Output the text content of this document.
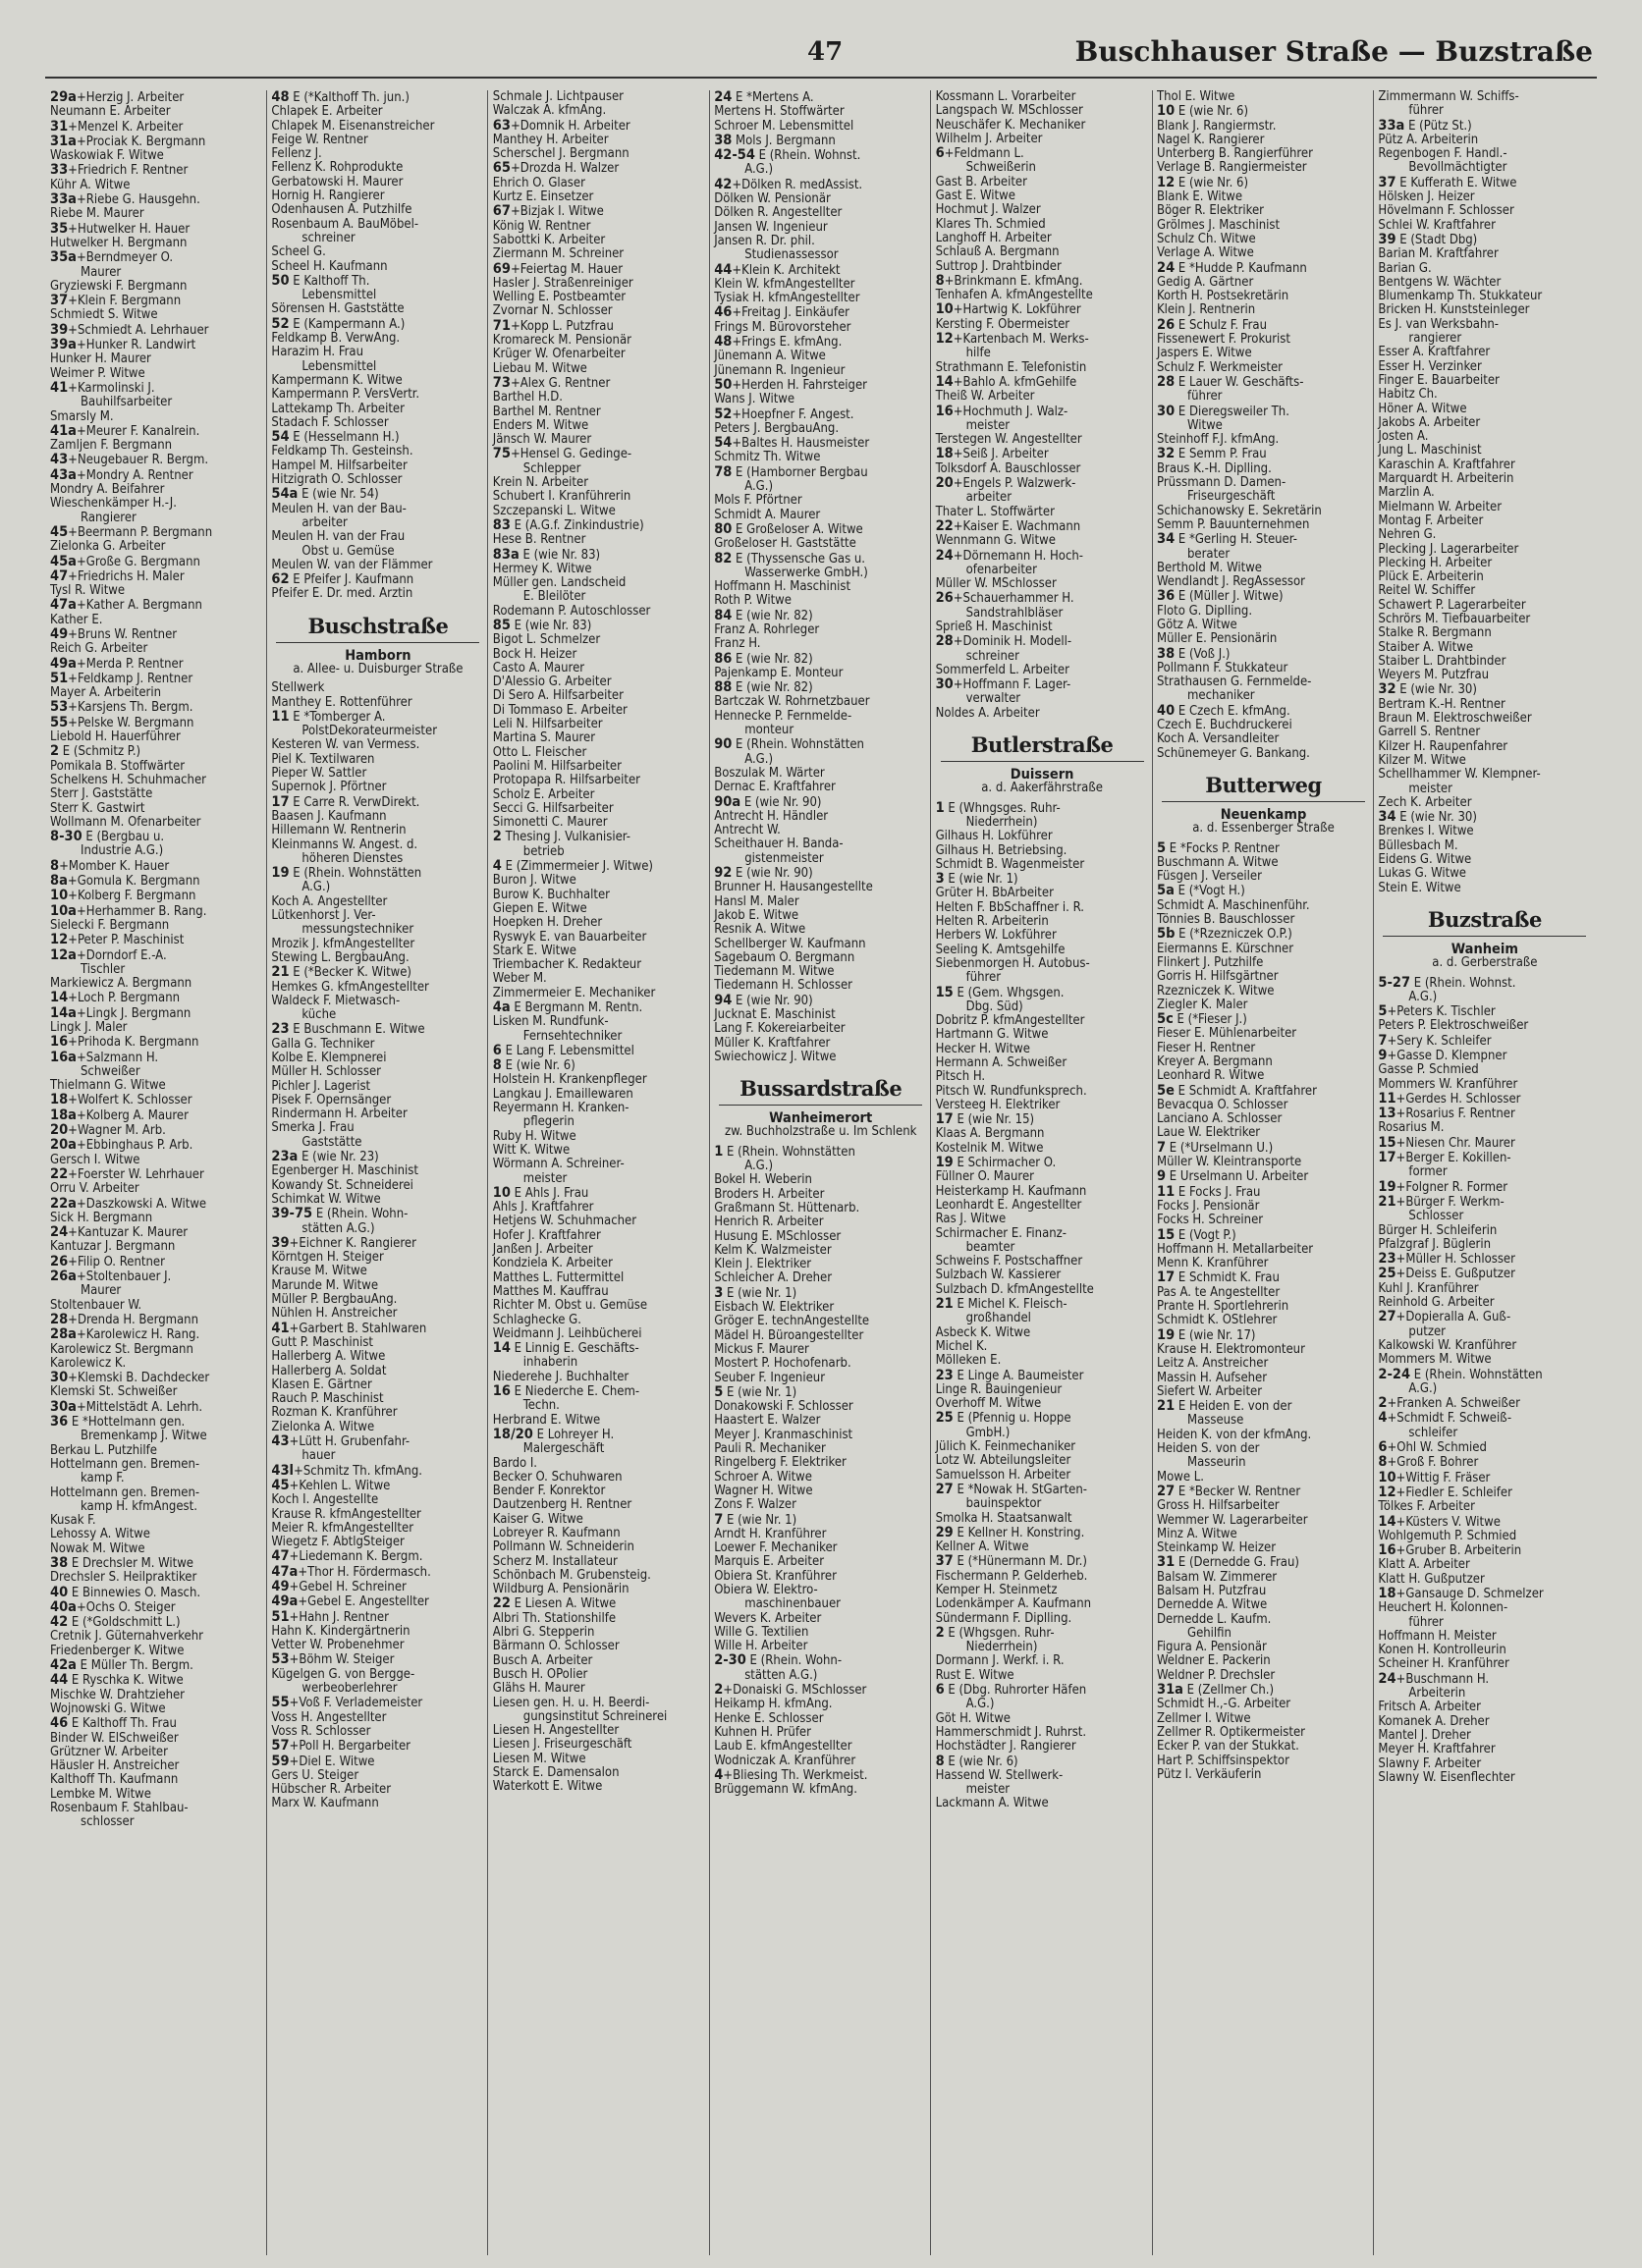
47	Buschhauser Straße — Buzstraße
29a+Herzig J. Arbeiter
Neumann E. Arbeiter
31+Menzel K. Arbeiter
31a+Prociak K. Bergmann
Waskowiak F. Witwe
33+Friedrich F. Rentner
Kühr A. Witwe
33a+Riebe G. Hausgehn.
Riebe M. Maurer
35+Hutwelker H. Hauer
Hutwelker H. Bergmann
35a+Berndmeyer O.
Maurer
Gryziewski F. Bergmann
37+Klein F. Bergmann
Schmiedt S. Witwe
39+Schmiedt A. Lehrhauer
39a+Hunker R. Landwirt
Hunker H. Maurer
Weimer P. Witwe
41+Karmolinski J.
Bauhilfsarbeiter
Smarsly M.
41a+Meurer F. Kanalrein.
Zamljen F. Bergmann
43+Neugebauer R. Bergm.
43a+Mondry A. Rentner
Mondry A. Beifahrer
Wieschenkämper H.-J.
Rangierer
45+Beermann P. Bergmann
Zielonka G. Arbeiter
45a+Große G. Bergmann
47+Friedrichs H. Maler
Tysl R. Witwe
47a+Kather A. Bergmann
Kather E.
49+Bruns W. Rentner
Reich G. Arbeiter
49a+Merda P. Rentner
51+Feldkamp J. Rentner
Mayer A. Arbeiterin
53+Karsjens Th. Bergm.
55+Pelske W. Bergmann
Liebold H. Hauerführer
2 E (Schmitz P.)
Pomikala B. Stoffwärter
Schelkens H. Schuhmacher
Sterr J. Gaststätte
Sterr K. Gastwirt
Wollmann M. Ofenarbeiter
8-30 E (Bergbau u.
Industrie A.G.)
8+Momber K. Hauer
8a+Gomula K. Bergmann
10+Kolberg F. Bergmann
10a+Herhammer B. Rang.
Sielecki F. Bergmann
12+Peter P. Maschinist
12a+Dorndorf E.-A.
Tischler
Markiewicz A. Bergmann
14+Loch P. Bergmann
14a+Lingk J. Bergmann
Lingk J. Maler
16+Prihoda K. Bergmann
16a+Salzmann H.
Schweißer
Thielmann G. Witwe
18+Wolfert K. Schlosser
18a+Kolberg A. Maurer
20+Wagner M. Arb.
20a+Ebbinghaus P. Arb.
Gersch I. Witwe
22+Foerster W. Lehrhauer
Orru V. Arbeiter
22a+Daszkowski A. Witwe
Sick H. Bergmann
24+Kantuzar K. Maurer
Kantuzar J. Bergmann
26+Filip O. Rentner
26a+Stoltenbauer J.
Maurer
Stoltenbauer W.
28+Drenda H. Bergmann
28a+Karolewicz H. Rang.
Karolewicz St. Bergmann
Karolewicz K.
30+Klemski B. Dachdecker
Klemski St. Schweißer
30a+Mittelstädt A. Lehrh.
36 E *Hottelmann gen.
Bremenkamp J. Witwe
Berkau L. Putzhilfe
Hottelmann gen. Bremen-
kamp F.
Hottelmann gen. Bremen-
kamp H. kfmAngest.
Kusak F.
Lehossy A. Witwe
Nowak M. Witwe
38 E Drechsler M. Witwe
Drechsler S. Heilpraktiker
40 E Binnewies O. Masch.
40a+Ochs O. Steiger
42 E (*Goldschmitt L.)
Cretnik J. Güternahverkehr
Friedenberger K. Witwe
42a E Müller Th. Bergm.
44 E Ryschka K. Witwe
Mischke W. Drahtzieher
Wojnowski G. Witwe
46 E Kalthoff Th. Frau
Binder W. ElSchweißer
Grützner W. Arbeiter
Häusler H. Anstreicher
Kalthoff Th. Kaufmann
Lembke M. Witwe
Rosenbaum F. Stahlbau-
schlosser
48 E (*Kalthoff Th. jun.)
Chlapek E. Arbeiter
Chlapek M. Eisenanstreicher
Feige W. Rentner
Fellenz J.
Fellenz K. Rohprodukte
Gerbatowski H. Maurer
Hornig H. Rangierer
Odenhausen A. Putzhilfe
Rosenbaum A. BauMöbel-
schreiner
Scheel G.
Scheel H. Kaufmann
50 E Kalthoff Th.
Lebensmittel
Sörensen H. Gaststätte
52 E (Kampermann A.)
Feldkamp B. VerwAng.
Harazim H. Frau
Lebensmittel
Kampermann K. Witwe
Kampermann P. VersVertr.
Lattekamp Th. Arbeiter
Stadach F. Schlosser
54 E (Hesselmann H.)
Feldkamp Th. Gesteinsh.
Hampel M. Hilfsarbeiter
Hitzigrath O. Schlosser
54a E (wie Nr. 54)
Meulen H. van der Bau-
arbeiter
Meulen H. van der Frau
Obst u. Gemüse
Meulen W. van der Flämmer
62 E Pfeifer J. Kaufmann
Pfeifer E. Dr. med. Ärztin
Buschstraße
Hamborn
a. Allee- u. Duisburger Straße
Stellwerk
Manthey E. Rottenführer
11 E *Tomberger A.
PolstDekorateurmeister
Kesteren W. van Vermess.
Piel K. Textilwaren
Pieper W. Sattler
Supernok J. Pförtner
17 E Carre R. VerwDirekt.
Baasen J. Kaufmann
Hillemann W. Rentnerin
Kleinmanns W. Angest. d.
höheren Dienstes
19 E (Rhein. Wohnstätten
A.G.)
Koch A. Angestellter
Lütkenhorst J. Ver-
messungstechniker
Mrozik J. kfmAngestellter
Stewing L. BergbauAng.
21 E (*Becker K. Witwe)
Hemkes G. kfmAngestellter
Waldeck F. Mietwasch-
küche
23 E Buschmann E. Witwe
Galla G. Techniker
Kolbe E. Klempnerei
Müller H. Schlosser
Pichler J. Lagerist
Pisek F. Opernsänger
Rindermann H. Arbeiter
Smerka J. Frau
Gaststätte
23a E (wie Nr. 23)
Egenberger H. Maschinist
Kowandy St. Schneiderei
Schimkat W. Witwe
39-75 E (Rhein. Wohn-
stätten A.G.)
39+Eichner K. Rangierer
Körntgen H. Steiger
Krause M. Witwe
Marunde M. Witwe
Müller P. BergbauAng.
Nühlen H. Anstreicher
41+Garbert B. Stahlwaren
Gutt P. Maschinist
Hallerberg A. Witwe
Hallerberg A. Soldat
Klasen E. Gärtner
Rauch P. Maschinist
Rozman K. Kranführer
Zielonka A. Witwe
43+Lütt H. Grubenfahr-
hauer
43l+Schmitz Th. kfmAng.
45+Kehlen L. Witwe
Koch I. Angestellte
Krause R. kfmAngestellter
Meier R. kfmAngestellter
Wiegetz F. AbtlgSteiger
47+Liedemann K. Bergm.
47a+Thor H. Fördermasch.
49+Gebel H. Schreiner
49a+Gebel E. Angestellter
51+Hahn J. Rentner
Hahn K. Kindergärtnerin
Vetter W. Probenehmer
53+Böhm W. Steiger
Kügelgen G. von Bergge-
werbeoberlehrer
55+Voß F. Verlademeister
Voss H. Angestellter
Voss R. Schlosser
57+Poll H. Bergarbeiter
59+Diel E. Witwe
Gers U. Steiger
Hübscher R. Arbeiter
Marx W. Kaufmann
Schmale J. Lichtpauser
Walczak A. kfmAng.
63+Domnik H. Arbeiter
Manthey H. Arbeiter
Scherschel J. Bergmann
65+Drozda H. Walzer
Ehrich O. Glaser
Kurtz E. Einsetzer
67+Bizjak I. Witwe
König W. Rentner
Sabottki K. Arbeiter
Ziermann M. Schreiner
69+Feiertag M. Hauer
Hasler J. Straßenreiniger
Welling E. Postbeamter
Zvornar N. Schlosser
71+Kopp L. Putzfrau
Kromareck M. Pensionär
Krüger W. Ofenarbeiter
Liebau M. Witwe
73+Alex G. Rentner
Barthel H.D.
Barthel M. Rentner
Enders M. Witwe
Jänsch W. Maurer
75+Hensel G. Gedinge-
Schlepper
Krein N. Arbeiter
Schubert I. Kranführerin
Szczepanski L. Witwe
83 E (A.G.f. Zinkindustrie)
Hese B. Rentner
83a E (wie Nr. 83)
Hermey K. Witwe
Müller gen. Landscheid
E. Bleilöter
Rodemann P. Autoschlosser
85 E (wie Nr. 83)
Bigot L. Schmelzer
Bock H. Heizer
Casto A. Maurer
D'Alessio G. Arbeiter
Di Sero A. Hilfsarbeiter
Di Tommaso E. Arbeiter
Leli N. Hilfsarbeiter
Martina S. Maurer
Otto L. Fleischer
Paolini M. Hilfsarbeiter
Protopapa R. Hilfsarbeiter
Scholz E. Arbeiter
Secci G. Hilfsarbeiter
Simonetti C. Maurer
2 Thesing J. Vulkanisier-
betrieb
4 E (Zimmermeier J. Witwe)
Buron J. Witwe
Burow K. Buchhalter
Giepen E. Witwe
Hoepken H. Dreher
Ryswyk E. van Bauarbeiter
Stark E. Witwe
Triembacher K. Redakteur
Weber M.
Zimmermeier E. Mechaniker
4a E Bergmann M. Rentn.
Lisken M. Rundfunk-
Fernsehtechniker
6 E Lang F. Lebensmittel
8 E (wie Nr. 6)
Holstein H. Krankenpfleger
Langkau J. Emaillewaren
Reyermann H. Kranken-
pflegerin
Ruby H. Witwe
Witt K. Witwe
Wörmann A. Schreiner-
meister
10 E Ahls J. Frau
Ahls J. Kraftfahrer
Hetjens W. Schuhmacher
Hofer J. Kraftfahrer
Janßen J. Arbeiter
Kondziela K. Arbeiter
Matthes L. Futtermittel
Matthes M. Kauffrau
Richter M. Obst u. Gemüse
Schlaghecke G.
Weidmann J. Leihbücherei
14 E Linnig E. Geschäfts-
inhaberin
Niederehe J. Buchhalter
16 E Niederche E. Chem-
Techn.
Herbrand E. Witwe
18/20 E Lohreyer H.
Malergeschäft
Bardo I.
Becker O. Schuhwaren
Bender F. Konrektor
Dautzenberg H. Rentner
Kaiser G. Witwe
Lobreyer R. Kaufmann
Pollmann W. Schneiderin
Scherz M. Installateur
Schönbach M. Grubensteig.
Wildburg A. Pensionärin
22 E Liesen A. Witwe
Albri Th. Stationshilfe
Albri G. Stepperin
Bärmann O. Schlosser
Busch A. Arbeiter
Busch H. OPolier
Glähs H. Maurer
Liesen gen. H. u. H. Beerdi-
gungsinstitut Schreinerei
Liesen H. Angestellter
Liesen J. Friseurgeschäft
Liesen M. Witwe
Starck E. Damensalon
Waterkott E. Witwe
24 E *Mertens A.
Mertens H. Stoffwärter
Schroer M. Lebensmittel
38 Mols J. Bergmann
42-54 E (Rhein. Wohnst.
A.G.)
42+Dölken R. medAssist.
Dölken W. Pensionär
Dölken R. Angestellter
Jansen W. Ingenieur
Jansen R. Dr. phil.
Studienassessor
44+Klein K. Architekt
Klein W. kfmAngestellter
Tysiak H. kfmAngestellter
46+Freitag J. Einkäufer
Frings M. Bürovorsteher
48+Frings E. kfmAng.
Jünemann A. Witwe
Jünemann R. Ingenieur
50+Herden H. Fahrsteiger
Wans J. Witwe
52+Hoepfner F. Angest.
Peters J. BergbauAng.
54+Baltes H. Hausmeister
Schmitz Th. Witwe
78 E (Hamborner Bergbau
A.G.)
Mols F. Pförtner
Schmidt A. Maurer
80 E Großeloser A. Witwe
Großeloser H. Gaststätte
82 E (Thyssensche Gas u.
Wasserwerke GmbH.)
Hoffmann H. Maschinist
Roth P. Witwe
84 E (wie Nr. 82)
Franz A. Rohrleger
Franz H.
86 E (wie Nr. 82)
Pajenkamp E. Monteur
88 E (wie Nr. 82)
Bartczak W. Rohrnetzbauer
Hennecke P. Fernmelde-
monteur
90 E (Rhein. Wohnstätten
A.G.)
Boszulak M. Wärter
Dernac E. Kraftfahrer
90a E (wie Nr. 90)
Antrecht H. Händler
Antrecht W.
Scheithauer H. Banda-
gistenmeister
92 E (wie Nr. 90)
Brunner H. Hausangestellte
Hansl M. Maler
Jakob E. Witwe
Resnik A. Witwe
Schellberger W. Kaufmann
Sagebaum O. Bergmann
Tiedemann M. Witwe
Tiedemann H. Schlosser
94 E (wie Nr. 90)
Jucknat E. Maschinist
Lang F. Kokereiarbeiter
Müller K. Kraftfahrer
Swiechowicz J. Witwe
Bussardstraße
Wanheimerort
zw. Buchholzstraße u. Im Schlenk
1 E (Rhein. Wohnstätten
A.G.)
Bokel H. Weberin
Broders H. Arbeiter
Graßmann St. Hüttenarb.
Henrich R. Arbeiter
Husung E. MSchlosser
Kelm K. Walzmeister
Klein J. Elektriker
Schleicher A. Dreher
3 E (wie Nr. 1)
Eisbach W. Elektriker
Gröger E. technAngestellte
Mädel H. Büroangestellter
Mickus F. Maurer
Mostert P. Hochofenarb.
Seuber F. Ingenieur
5 E (wie Nr. 1)
Donakowski F. Schlosser
Haastert E. Walzer
Meyer J. Kranmaschinist
Pauli R. Mechaniker
Ringelberg F. Elektriker
Schroer A. Witwe
Wagner H. Witwe
Zons F. Walzer
7 E (wie Nr. 1)
Arndt H. Kranführer
Loewer F. Mechaniker
Marquis E. Arbeiter
Obiera St. Kranführer
Obiera W. Elektro-
maschinenbauer
Wevers K. Arbeiter
Wille G. Textilien
Wille H. Arbeiter
2-30 E (Rhein. Wohn-
stätten A.G.)
2+Donaiski G. MSchlosser
Heikamp H. kfmAng.
Henke E. Schlosser
Kuhnen H. Prüfer
Laub E. kfmAngestellter
Wodniczak A. Kranführer
4+Bliesing Th. Werkmeist.
Brüggemann W. kfmAng.
Kossmann L. Vorarbeiter
Langspach W. MSchlosser
Neuschäfer K. Mechaniker
Wilhelm J. Arbeiter
6+Feldmann L.
Schweißerin
Gast B. Arbeiter
Gast E. Witwe
Hochmut J. Walzer
Klares Th. Schmied
Langhoff H. Arbeiter
Schlauß A. Bergmann
Suttrop J. Drahtbinder
8+Brinkmann E. kfmAng.
Tenhafen A. kfmAngestellte
10+Hartwig K. Lokführer
Kersting F. Obermeister
12+Kartenbach M. Werks-
hilfe
Strathmann E. Telefonistin
14+Bahlo A. kfmGehilfe
Theiß W. Arbeiter
16+Hochmuth J. Walz-
meister
Terstegen W. Angestellter
18+Seiß J. Arbeiter
Tolksdorf A. Bauschlosser
20+Engels P. Walzwerk-
arbeiter
Thater L. Stoffwärter
22+Kaiser E. Wachmann
Wennmann G. Witwe
24+Dörnemann H. Hoch-
ofenarbeiter
Müller W. MSchlosser
26+Schauerhammer H.
Sandstrahlbläser
Sprieß H. Maschinist
28+Dominik H. Modell-
schreiner
Sommerfeld L. Arbeiter
30+Hoffmann F. Lager-
verwalter
Noldes A. Arbeiter
Butlerstraße
Duissern
a. d. Aakerfährstraße
1 E (Whngsges. Ruhr-
Niederrhein)
Gilhaus H. Lokführer
Gilhaus H. Betriebsing.
Schmidt B. Wagenmeister
3 E (wie Nr. 1)
Grüter H. BbArbeiter
Helten F. BbSchaffner i. R.
Helten R. Arbeiterin
Herbers W. Lokführer
Seeling K. Amtsgehilfe
Siebenmorgen H. Autobus-
führer
15 E (Gem. Whgsgen.
Dbg. Süd)
Dobritz P. kfmAngestellter
Hartmann G. Witwe
Hecker H. Witwe
Hermann A. Schweißer
Pitsch H.
Pitsch W. Rundfunksprech.
Versteeg H. Elektriker
17 E (wie Nr. 15)
Klaas A. Bergmann
Kostelnik M. Witwe
19 E Schirmacher O.
Füllner O. Maurer
Heisterkamp H. Kaufmann
Leonhardt E. Angestellter
Ras J. Witwe
Schirmacher E. Finanz-
beamter
Schweins F. Postschaffner
Sulzbach W. Kassierer
Sulzbach D. kfmAngestellte
21 E Michel K. Fleisch-
großhandel
Asbeck K. Witwe
Michel K.
Mölleken E.
23 E Linge A. Baumeister
Linge R. Bauingenieur
Overhoff M. Witwe
25 E (Pfennig u. Hoppe
GmbH.)
Jülich K. Feinmechaniker
Lotz W. Abteilungsleiter
Samuelsson H. Arbeiter
27 E *Nowak H. StGarten-
bauinspektor
Smolka H. Staatsanwalt
29 E Kellner H. Konstring.
Kellner A. Witwe
37 E (*Hünermann M. Dr.)
Fischermann P. Gelderheb.
Kemper H. Steinmetz
Lodenkämper A. Kaufmann
Sündermann F. Diplling.
2 E (Whgsgen. Ruhr-
Niederrhein)
Dormann J. Werkf. i. R.
Rust E. Witwe
6 E (Dbg. Ruhrorter Häfen
A.G.)
Göt H. Witwe
Hammerschmidt J. Ruhrst.
Hochstädter J. Rangierer
8 E (wie Nr. 6)
Hassend W. Stellwerk-
meister
Lackmann A. Witwe
Thol E. Witwe
10 E (wie Nr. 6)
Blank J. Rangiermstr.
Nagel K. Rangierer
Unterberg B. Rangierführer
Verlage B. Rangiermeister
12 E (wie Nr. 6)
Blank E. Witwe
Böger R. Elektriker
Grölmes J. Maschinist
Schulz Ch. Witwe
Verlage A. Witwe
24 E *Hudde P. Kaufmann
Gedig A. Gärtner
Korth H. Postsekretärin
Klein J. Rentnerin
26 E Schulz F. Frau
Fissenewert F. Prokurist
Jaspers E. Witwe
Schulz F. Werkmeister
28 E Lauer W. Geschäfts-
führer
30 E Dieregsweiler Th.
Witwe
Steinhoff F.J. kfmAng.
32 E Semm P. Frau
Braus K.-H. Diplling.
Prüssmann D. Damen-
Friseurgeschäft
Schichanowsky E. Sekretärin
Semm P. Bauunternehmen
34 E *Gerling H. Steuer-
berater
Berthold M. Witwe
Wendlandt J. RegAssessor
36 E (Müller J. Witwe)
Floto G. Diplling.
Götz A. Witwe
Müller E. Pensionärin
38 E (Voß J.)
Pollmann F. Stukkateur
Strathausen G. Fernmelde-
mechaniker
40 E Czech E. kfmAng.
Czech E. Buchdruckerei
Koch A. Versandleiter
Schünemeyer G. Bankang.
Butterweg
Neuenkamp
a. d. Essenberger Straße
5 E *Focks P. Rentner
Buschmann A. Witwe
Füsgen J. Verseiler
5a E (*Vogt H.)
Schmidt A. Maschinenführ.
Tönnies B. Bauschlosser
5b E (*Rzezniczek O.P.)
Eiermanns E. Kürschner
Flinkert J. Putzhilfe
Gorris H. Hilfsgärtner
Rzezniczek K. Witwe
Ziegler K. Maler
5c E (*Fieser J.)
Fieser E. Mühlenarbeiter
Fieser H. Rentner
Kreyer A. Bergmann
Leonhard R. Witwe
5e E Schmidt A. Kraftfahrer
Bevacqua O. Schlosser
Lanciano A. Schlosser
Laue W. Elektriker
7 E (*Urselmann U.)
Müller W. Kleintransporte
9 E Urselmann U. Arbeiter
11 E Focks J. Frau
Focks J. Pensionär
Focks H. Schreiner
15 E (Vogt P.)
Hoffmann H. Metallarbeiter
Menn K. Kranführer
17 E Schmidt K. Frau
Pas A. te Angestellter
Prante H. Sportlehrerin
Schmidt K. OStlehrer
19 E (wie Nr. 17)
Krause H. Elektromonteur
Leitz A. Anstreicher
Massin H. Aufseher
Siefert W. Arbeiter
21 E Heiden E. von der
Masseuse
Heiden K. von der kfmAng.
Heiden S. von der
Masseurin
Mowe L.
27 E *Becker W. Rentner
Gross H. Hilfsarbeiter
Wemmer W. Lagerarbeiter
Minz A. Witwe
Steinkamp W. Heizer
31 E (Derneddе G. Frau)
Balsam W. Zimmerer
Balsam H. Putzfrau
Dernedde A. Witwe
Dernedde L. Kaufm.
Gehilfin
Figura A. Pensionär
Weldner E. Packerin
Weldner P. Drechsler
31a E (Zellmer Ch.)
Schmidt H.,-G. Arbeiter
Zellmer I. Witwe
Zellmer R. Optikermeister
Ecker P. van der Stukkat.
Hart P. Schiffsinspektor
Pütz I. Verkäuferin
Zimmermann W. Schiffs-
führer
33a E (Pütz St.)
Pütz A. Arbeiterin
Regenbogen F. Handl.-
Bevollmächtigter
37 E Kufferath E. Witwe
Hölsken J. Heizer
Hövelmann F. Schlosser
Schlei W. Kraftfahrer
39 E (Stadt Dbg)
Barian M. Kraftfahrer
Barian G.
Bentgens W. Wächter
Blumenkamp Th. Stukkateur
Bricken H. Kunststeinleger
Es J. van Werksbahn-
rangierer
Esser A. Kraftfahrer
Esser H. Verzinker
Finger E. Bauarbeiter
Habitz Ch.
Höner A. Witwe
Jakobs A. Arbeiter
Josten A.
Jung L. Maschinist
Karaschin A. Kraftfahrer
Marquardt H. Arbeiterin
Marzlin A.
Mielmann W. Arbeiter
Montag F. Arbeiter
Nehren G.
Plecking J. Lagerarbeiter
Plecking H. Arbeiter
Plück E. Arbeiterin
Reitel W. Schiffer
Schawert P. Lagerarbeiter
Schrörs M. Tiefbauarbeiter
Stalke R. Bergmann
Staiber A. Witwe
Staiber L. Drahtbinder
Weyers M. Putzfrau
32 E (wie Nr. 30)
Bertram K.-H. Rentner
Braun M. Elektroschweißer
Garrell S. Rentner
Kilzer H. Raupenfahrer
Kilzer M. Witwe
Schellhammer W. Klempner-
meister
Zech K. Arbeiter
34 E (wie Nr. 30)
Brenkes I. Witwe
Büllesbach M.
Eidens G. Witwe
Lukas G. Witwe
Stein E. Witwe
Buzstraße
Wanheim
a. d. Gerberstraße
5-27 E (Rhein. Wohnst.
A.G.)
5+Peters K. Tischler
Peters P. Elektroschweißer
7+Sery K. Schleifer
9+Gasse D. Klempner
Gasse P. Schmied
Mommers W. Kranführer
11+Gerdes H. Schlosser
13+Rosarius F. Rentner
Rosarius M.
15+Niesen Chr. Maurer
17+Berger E. Kokillen-
former
19+Folgner R. Former
21+Bürger F. Werkm-
Schlosser
Bürger H. Schleiferin
Pfalzgraf J. Büglerin
23+Müller H. Schlosser
25+Deiss E. Gußputzer
Kuhl J. Kranführer
Reinhold G. Arbeiter
27+Dopieralla A. Guß-
putzer
Kalkowski W. Kranführer
Mommers M. Witwe
2-24 E (Rhein. Wohnstätten
A.G.)
2+Franken A. Schweißer
4+Schmidt F. Schweiß-
schleifer
6+Ohl W. Schmied
8+Groß F. Bohrer
10+Wittig F. Fräser
12+Fiedler E. Schleifer
Tölkes F. Arbeiter
14+Küsters V. Witwe
Wohlgemuth P. Schmied
16+Gruber B. Arbeiterin
Klatt A. Arbeiter
Klatt H. Gußputzer
18+Gansauge D. Schmelzer
Heuchert H. Kolonnen-
führer
Hoffmann H. Meister
Konen H. Kontrolleurin
Scheiner H. Kranführer
24+Buschmann H.
Arbeiterin
Fritsch A. Arbeiter
Komanek A. Dreher
Mantel J. Dreher
Meyer H. Kraftfahrer
Slawny F. Arbeiter
Slawny W. Eisenflechter
